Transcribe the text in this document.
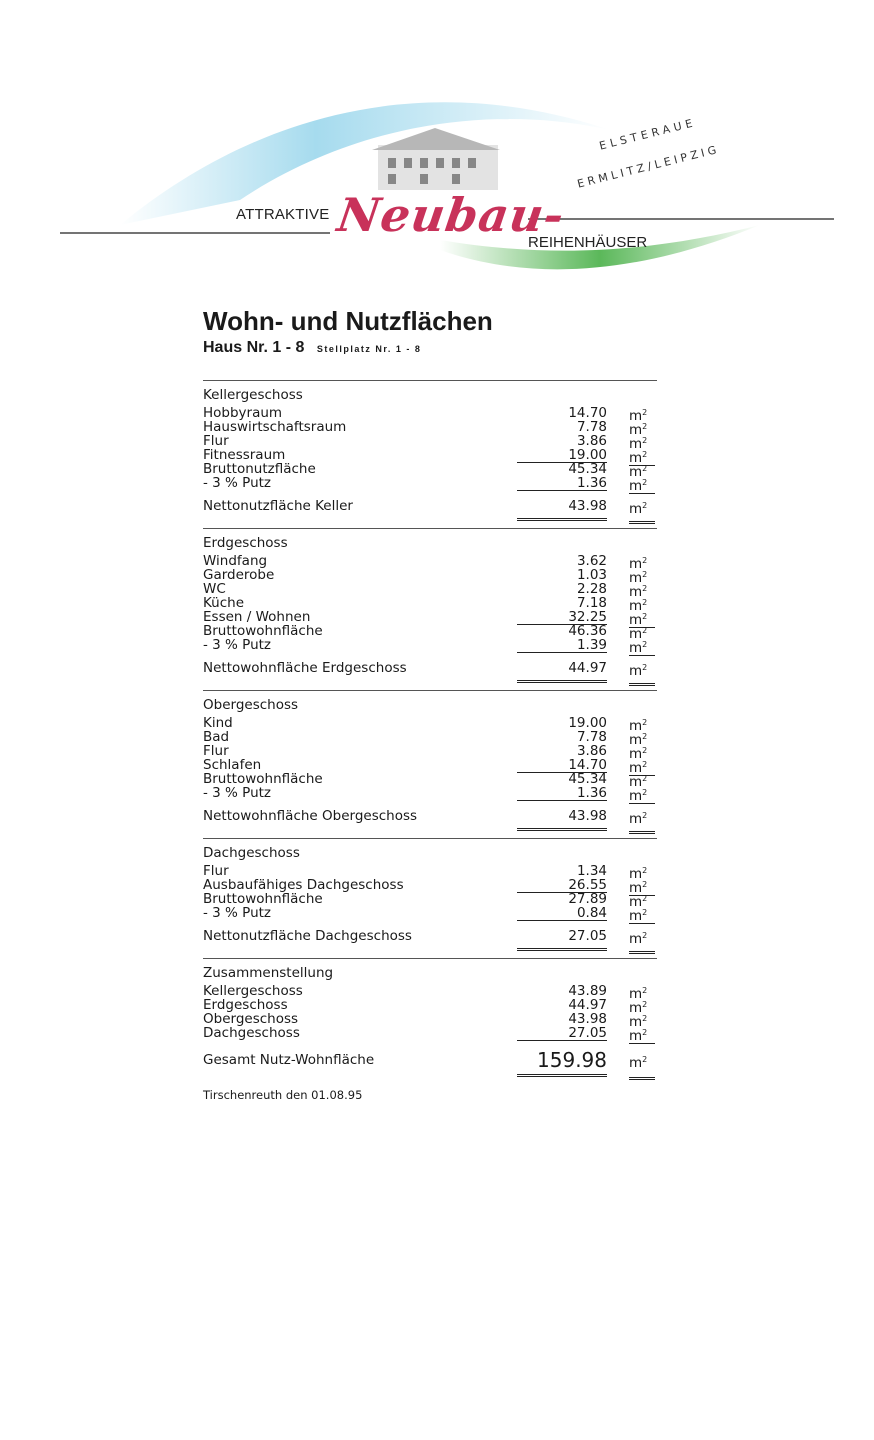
ATTRAKTIVE Neubau-
REIHENHÄUSER
ELSTERAUE
ERMLITZ/LEIPZIG
Wohn- und Nutzflächen
Haus Nr. 1 - 8 Stellplatz Nr. 1 - 8
Kellergeschoss
Hobbyraum	14.70 $m^2$
Hauswirtschaftsraum	7.78 $m^2$
Flur	3.86 $m^2$
Fitnessraum	19.00 $m^2$
Bruttonutzfläche	45.34 $m^2$
- 3 % Putz	1.36 $m^2$
Nettonutzfläche Keller	43.98 $m^2$
Erdgeschoss
Windfang	3.62 $m^2$
Garderobe	1.03 $m^2$
WC	2.28 $m^2$
Küche	7.18 $m^2$
Essen / Wohnen	32.25 $m^2$
Bruttowohnfläche	46.36 $m^2$
- 3 % Putz	1.39 $m^2$
Nettowohnfläche Erdgeschoss	44.97 $m^2$
Obergeschoss
Kind	19.00 $m^2$
Bad	7.78 $m^2$
Flur	3.86 $m^2$
Schlafen	14.70 $m^2$
Bruttowohnfläche	45.34 $m^2$
- 3 % Putz	1.36 $m^2$
Nettowohnfläche Obergeschoss	43.98 $m^2$
Dachgeschoss
Flur	1.34 $m^2$
Ausbaufähiges Dachgeschoss	26.55 $m^2$
Bruttowohnfläche	27.89 $m^2$
- 3 % Putz	0.84 $m^2$
Nettonutzfläche Dachgeschoss	27.05 $m^2$
Zusammenstellung
Kellergeschoss	43.89 $m^2$
Erdgeschoss	44.97 $m^2$
Obergeschoss	43.98 $m^2$
Dachgeschoss	27.05 $m^2$
Gesamt Nutz-Wohnfläche	159.98 $m^2$
Tirschenreuth den 01.08.95
